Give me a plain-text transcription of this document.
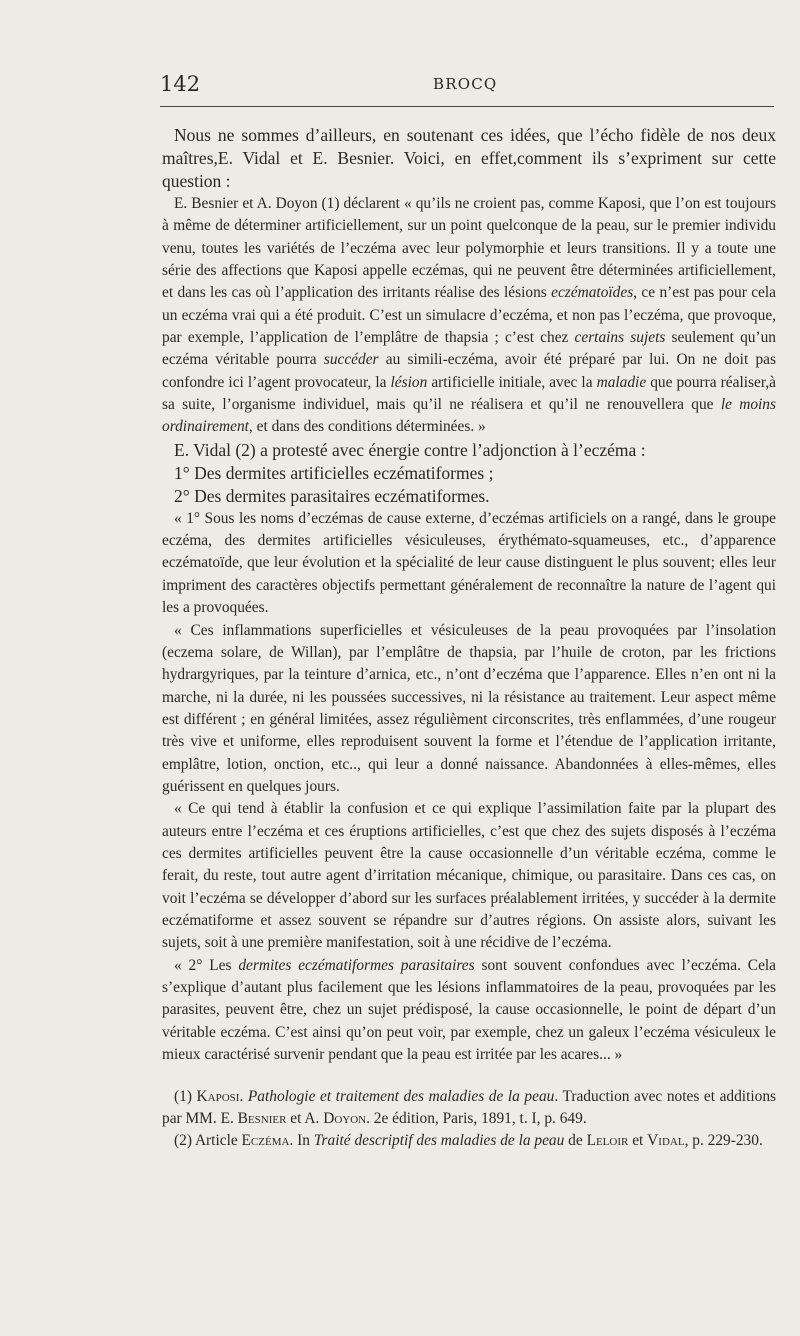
142	BROCQ

Nous ne sommes d’ailleurs, en soutenant ces idées, que l’écho fidèle de nos deux maîtres,E. Vidal et E. Besnier. Voici, en effet,comment ils s’expriment sur cette question :

E. Besnier et A. Doyon (1) déclarent « qu’ils ne croient pas, comme Kaposi, que l’on est toujours à même de déterminer artificiellement, sur un point quelconque de la peau, sur le premier individu venu, toutes les variétés de l’eczéma avec leur polymorphie et leurs transitions. Il y a toute une série des affections que Kaposi appelle eczémas, qui ne peuvent être déterminées artificiellement, et dans les cas où l’application des irritants réalise des lésions eczématoïdes, ce n’est pas pour cela un eczéma vrai qui a été produit. C’est un simulacre d’eczéma, et non pas l’eczéma, que provoque, par exemple, l’application de l’emplâtre de thapsia ; c’est chez certains sujets seulement qu’un eczéma véritable pourra succéder au simili-eczéma, avoir été préparé par lui. On ne doit pas confondre ici l’agent provocateur, la lésion artificielle initiale, avec la maladie que pourra réaliser,à sa suite, l’organisme individuel, mais qu’il ne réalisera et qu’il ne renouvellera que le moins ordinairement, et dans des conditions déterminées. »

E. Vidal (2) a protesté avec énergie contre l’adjonction à l’eczéma :

1° Des dermites artificielles eczématiformes ;

2° Des dermites parasitaires eczématiformes.

« 1° Sous les noms d’eczémas de cause externe, d’eczémas artificiels on a rangé, dans le groupe eczéma, des dermites artificielles vésiculeuses, érythémato-squameuses, etc., d’apparence eczématoïde, que leur évolution et la spécialité de leur cause distinguent le plus souvent; elles leur impriment des caractères objectifs permettant généralement de reconnaître la nature de l’agent qui les a provoquées.

« Ces inflammations superficielles et vésiculeuses de la peau provoquées par l’insolation (eczema solare, de Willan), par l’emplâtre de thapsia, par l’huile de croton, par les frictions hydrargyriques, par la teinture d’arnica, etc., n’ont d’eczéma que l’apparence. Elles n’en ont ni la marche, ni la durée, ni les poussées successives, ni la résistance au traitement. Leur aspect même est différent ; en général limitées, assez régulièment circonscrites, très enflammées, d’une rougeur très vive et uniforme, elles reproduisent souvent la forme et l’étendue de l’application irritante, emplâtre, lotion, onction, etc.., qui leur a donné naissance. Abandonnées à elles-mêmes, elles guérissent en quelques jours.

« Ce qui tend à établir la confusion et ce qui explique l’assimilation faite par la plupart des auteurs entre l’eczéma et ces éruptions artificielles, c’est que chez des sujets disposés à l’eczéma ces dermites artificielles peuvent être la cause occasionnelle d’un véritable eczéma, comme le ferait, du reste, tout autre agent d’irritation mécanique, chimique, ou parasitaire. Dans ces cas, on voit l’eczéma se développer d’abord sur les surfaces préalablement irritées, y succéder à la dermite eczématiforme et assez souvent se répandre sur d’autres régions. On assiste alors, suivant les sujets, soit à une première manifestation, soit à une récidive de l’eczéma.

« 2° Les dermites eczématiformes parasitaires sont souvent confondues avec l’eczéma. Cela s’explique d’autant plus facilement que les lésions inflammatoires de la peau, provoquées par les parasites, peuvent être, chez un sujet prédisposé, la cause occasionnelle, le point de départ d’un véritable eczéma. C’est ainsi qu’on peut voir, par exemple, chez un galeux l’eczéma vésiculeux le mieux caractérisé survenir pendant que la peau est irritée par les acares... »

(1) Kaposi. Pathologie et traitement des maladies de la peau. Traduction avec notes et additions par MM. E. Besnier et A. Doyon. 2e édition, Paris, 1891, t. I, p. 649.

(2) Article Eczéma. In Traité descriptif des maladies de la peau de Leloir et Vidal, p. 229-230.
